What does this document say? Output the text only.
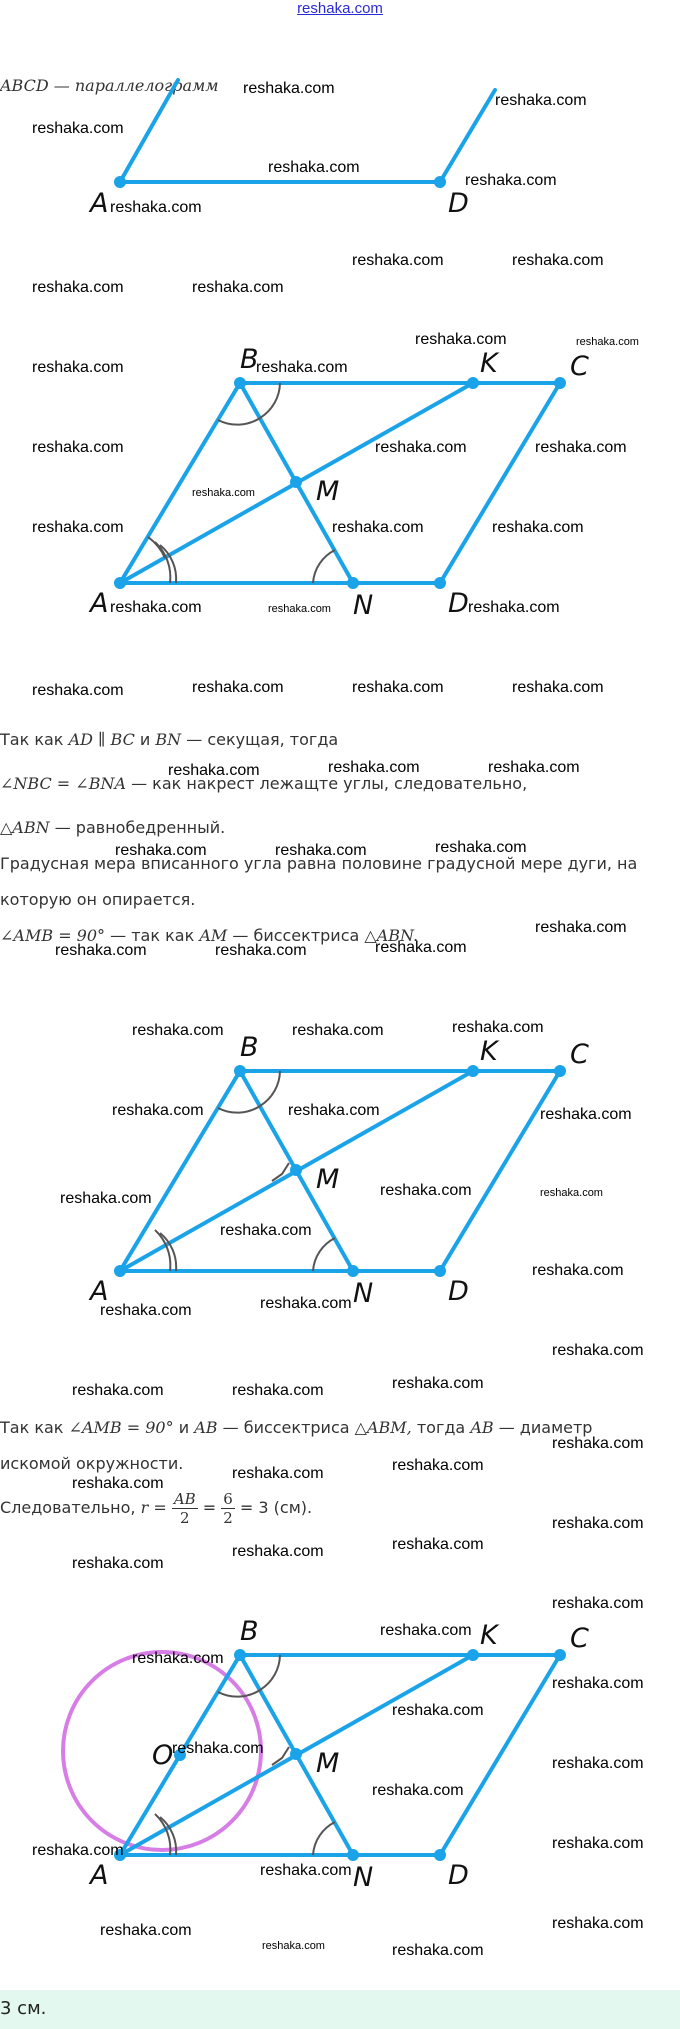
reshaka.com
ABCD — параллелограмм
A	D
B	K	C
M
A	N	D
Так как AD ∥ BC и BN — секущая, тогда
∠NBC = ∠BNA — как накрест лежащте углы, следовательно,
△ABN — равнобедренный.
Градусная мера вписанного угла равна половине градусной мере дуги, на
которую он опирается.
∠AMB = 90° — так как AM — биссектриса △ABN.
B	K	C
M
A	N	D
Так как ∠AMB = 90° и AB — биссектриса △ABM, тогда AB — диаметр
искомой окружности.
Следовательно, $r = \frac{AB}{2} = \frac{6}{2} = 3$ (см).
B
O
K	C
M
A	N	D
reshaka.com
reshaka.com
reshaka.com
reshaka.com
reshaka.com
reshaka.com
reshaka.com	reshaka.com
reshaka.com	reshaka.com
reshaka.com	reshaka.com
reshaka.com	reshaka.com
reshaka.com	reshaka.com	reshaka.com
reshaka.com
reshaka.com	reshaka.com	reshaka.com
reshaka.com	reshaka.com	reshaka.com
reshaka.com	reshaka.com	reshaka.com	reshaka.com
reshaka.com	reshaka.com	reshaka.com
reshaka.com	reshaka.com	reshaka.com
reshaka.com
reshaka.com	reshaka.com	reshaka.com
reshaka.com	reshaka.com	reshaka.com
reshaka.com	reshaka.com	reshaka.com
reshaka.com	reshaka.com	reshaka.com
reshaka.com
reshaka.com	reshaka.com
reshaka.com
reshaka.com
reshaka.com	reshaka.com	reshaka.com
reshaka.com
reshaka.com
reshaka.com	reshaka.com
reshaka.com
reshaka.com
reshaka.com	reshaka.com
reshaka.com
reshaka.com
reshaka.com
reshaka.com
reshaka.com
reshaka.com
reshaka.com
reshaka.com
reshaka.com	reshaka.com
reshaka.com
reshaka.com
reshaka.com
reshaka.com	reshaka.com
3 см.
